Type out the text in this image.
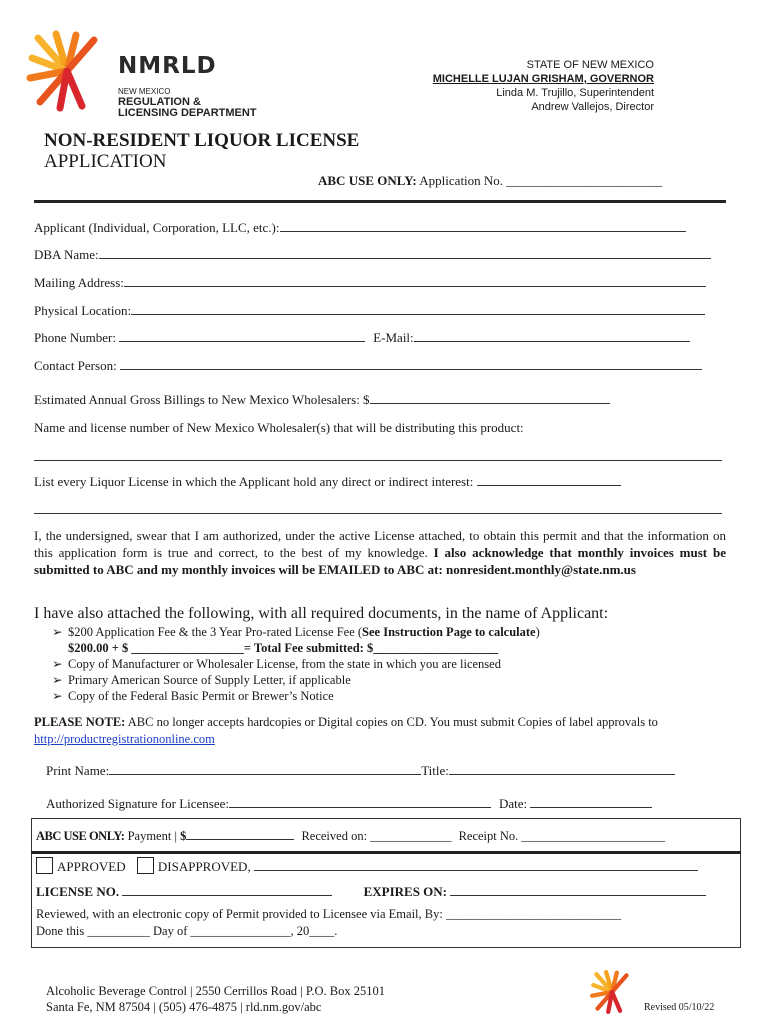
NMRLD
NEW MEXICO
REGULATION &
LICENSING DEPARTMENT
STATE OF NEW MEXICO
MICHELLE LUJAN GRISHAM, GOVERNOR
Linda M. Trujillo, Superintendent
Andrew Vallejos, Director
NON-RESIDENT LIQUOR LICENSE
APPLICATION
ABC USE ONLY: Application No. ________________________
Applicant (Individual, Corporation, LLC, etc.):
DBA Name:
Mailing Address:
Physical Location:
Phone Number:	E-Mail:
Contact Person:
Estimated Annual Gross Billings to New Mexico Wholesalers: $
Name and license number of New Mexico Wholesaler(s) that will be distributing this product:
List every Liquor License in which the Applicant hold any direct or indirect interest:
I, the undersigned, swear that I am authorized, under the active License attached, to obtain this permit and that the information on this application form is true and correct, to the best of my knowledge. I also acknowledge that monthly invoices must be submitted to ABC and my monthly invoices will be EMAILED to ABC at: nonresident.monthly@state.nm.us
I have also attached the following, with all required documents, in the name of Applicant:
➢ $200 Application Fee & the 3 Year Pro-rated License Fee (See Instruction Page to calculate)
$200.00 + $ __________________= Total Fee submitted: $____________________
➢ Copy of Manufacturer or Wholesaler License, from the state in which you are licensed
➢ Primary American Source of Supply Letter, if applicable
➢ Copy of the Federal Basic Permit or Brewer’s Notice
PLEASE NOTE: ABC no longer accepts hardcopies or Digital copies on CD. You must submit Copies of label approvals to http://productregistrationonline.com
Print Name:	Title:
Authorized Signature for Licensee:	Date:
ABC USE ONLY: Payment | $	Received on: _____________ Receipt No. _______________________
APPROVED DISAPPROVED,
LICENSE NO.	EXPIRES ON:
Reviewed, with an electronic copy of Permit provided to Licensee via Email, By: ____________________________
Done this __________ Day of ________________, 20____.
Alcoholic Beverage Control | 2550 Cerrillos Road | P.O. Box 25101
Santa Fe, NM 87504 | (505) 476-4875 | rld.nm.gov/abc	Revised 05/10/22
